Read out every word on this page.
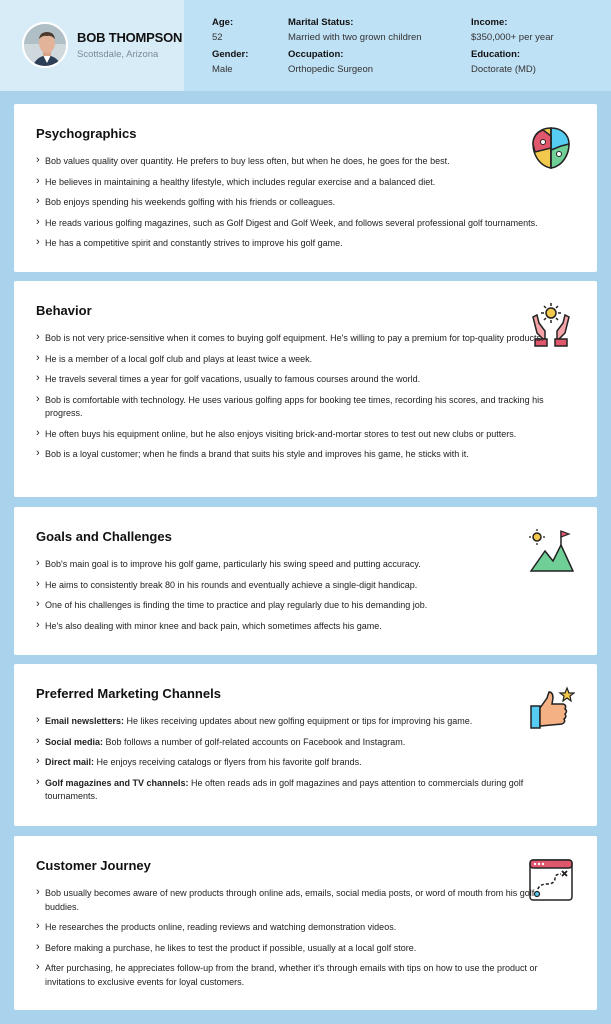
BOB THOMPSON
Scottsdale, Arizona
Age:
52
Gender:
Male
Marital Status:
Married with two grown children
Occupation:
Orthopedic Surgeon
Income:
$350,000+ per year
Education:
Doctorate (MD)
Psychographics
› Bob values quality over quantity. He prefers to buy less often, but when he does, he goes for the best.
› He believes in maintaining a healthy lifestyle, which includes regular exercise and a balanced diet.
› Bob enjoys spending his weekends golfing with his friends or colleagues.
› He reads various golfing magazines, such as Golf Digest and Golf Week, and follows several professional golf tournaments.
› He has a competitive spirit and constantly strives to improve his golf game.
Behavior
› Bob is not very price-sensitive when it comes to buying golf equipment. He's willing to pay a premium for top-quality products.
› He is a member of a local golf club and plays at least twice a week.
› He travels several times a year for golf vacations, usually to famous courses around the world.
› Bob is comfortable with technology. He uses various golfing apps for booking tee times, recording his scores, and tracking his progress.
› He often buys his equipment online, but he also enjoys visiting brick-and-mortar stores to test out new clubs or putters.
› Bob is a loyal customer; when he finds a brand that suits his style and improves his game, he sticks with it.
Goals and Challenges
› Bob's main goal is to improve his golf game, particularly his swing speed and putting accuracy.
› He aims to consistently break 80 in his rounds and eventually achieve a single-digit handicap.
› One of his challenges is finding the time to practice and play regularly due to his demanding job.
› He's also dealing with minor knee and back pain, which sometimes affects his game.
Preferred Marketing Channels
› Email newsletters: He likes receiving updates about new golfing equipment or tips for improving his game.
› Social media: Bob follows a number of golf-related accounts on Facebook and Instagram.
› Direct mail: He enjoys receiving catalogs or flyers from his favorite golf brands.
› Golf magazines and TV channels: He often reads ads in golf magazines and pays attention to commercials during golf tournaments.
Customer Journey
› Bob usually becomes aware of new products through online ads, emails, social media posts, or word of mouth from his golf buddies.
› He researches the products online, reading reviews and watching demonstration videos.
› Before making a purchase, he likes to test the product if possible, usually at a local golf store.
› After purchasing, he appreciates follow-up from the brand, whether it's through emails with tips on how to use the product or invitations to exclusive events for loyal customers.
